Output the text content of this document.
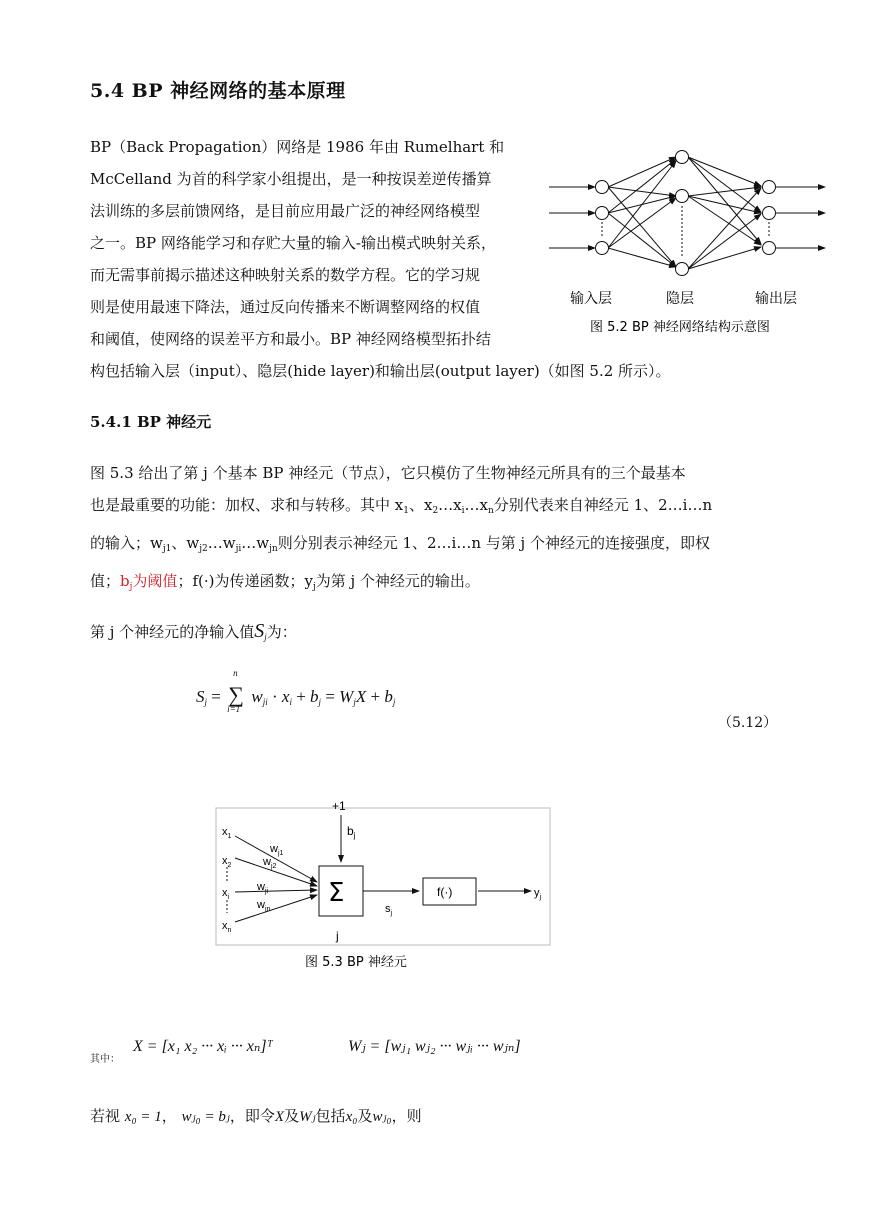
5.4 BP 神经网络的基本原理
BP（Back Propagation）网络是 1986 年由 Rumelhart 和
McCelland 为首的科学家小组提出，是一种按误差逆传播算
法训练的多层前馈网络，是目前应用最广泛的神经网络模型
之一。BP 网络能学习和存贮大量的输入-输出模式映射关系，
而无需事前揭示描述这种映射关系的数学方程。它的学习规
则是使用最速下降法，通过反向传播来不断调整网络的权值
和阈值，使网络的误差平方和最小。BP 神经网络模型拓扑结
构包括输入层（input）、隐层(hide layer)和输出层(output layer)（如图 5.2 所示）。
输入层	隐层	输出层
图 5.2 BP 神经网络结构示意图
5.4.1 BP 神经元
图 5.3 给出了第 j 个基本 BP 神经元（节点），它只模仿了生物神经元所具有的三个最基本
也是最重要的功能：加权、求和与转移。其中 $x_1$、$x_2\dots x_i\dots x_n$分别代表来自神经元 1、2…i…n
的输入；$w_{j1}$、$w_{j2}\dots w_{ji}\dots w_{jn}$则分别表示神经元 1、2…i…n 与第 j 个神经元的连接强度，即权
值；$b_j$为阈值；f(·)为传递函数；$y_j$为第 j 个神经元的输出。
第 j 个神经元的净输入值$S_j$为：
$S_j$ =
n
∑
i=1
$w_{ji} \cdot x_i + b_j = W_jX + b_j$
（5.12）
+1
$b_j$
Σ
j
$x_1$
$x_2$
$x_i$
$x_n$
$w_{j1}$
$w_{j2}$
$w_{ji}$
$w_{jn}$	$s_j$
$y_j$
f(·)
图 5.3 BP 神经元
其中：
X = [x₁ x₂ ··· xᵢ ··· xₙ]ᵀ	Wⱼ = [wⱼ₁ wⱼ₂ ··· wⱼᵢ ··· wⱼₙ]
若视 x₀ = 1， wⱼ₀ = bⱼ，即令X及Wⱼ包括x₀及wⱼ₀，则
